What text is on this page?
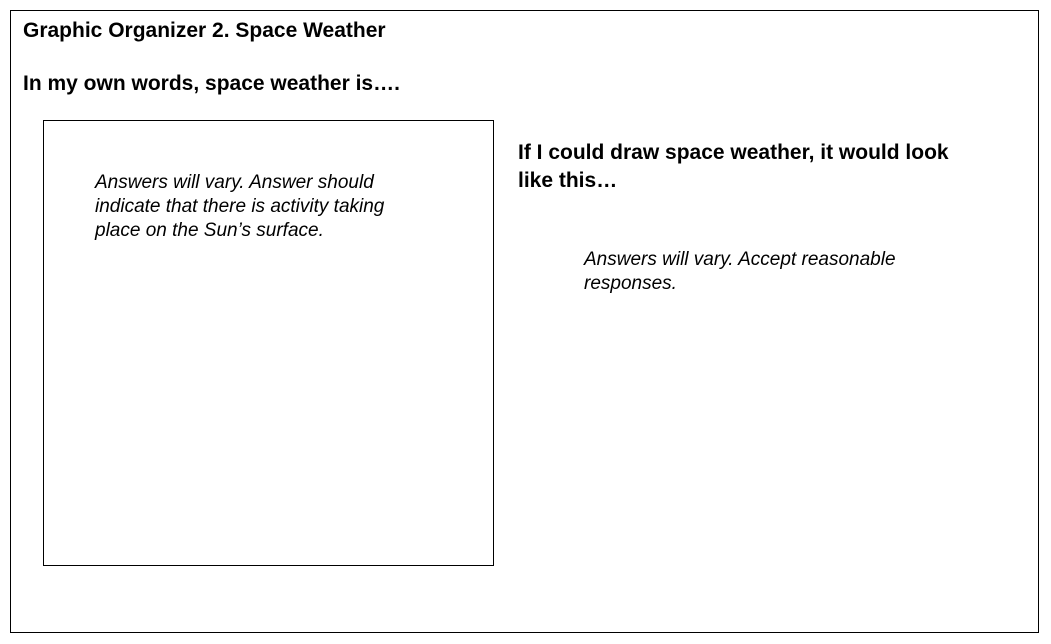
Graphic Organizer 2. Space Weather
In my own words, space weather is….
Answers will vary. Answer should indicate that there is activity taking place on the Sun’s surface.
If I could draw space weather, it would look like this…
Answers will vary. Accept reasonable responses.
